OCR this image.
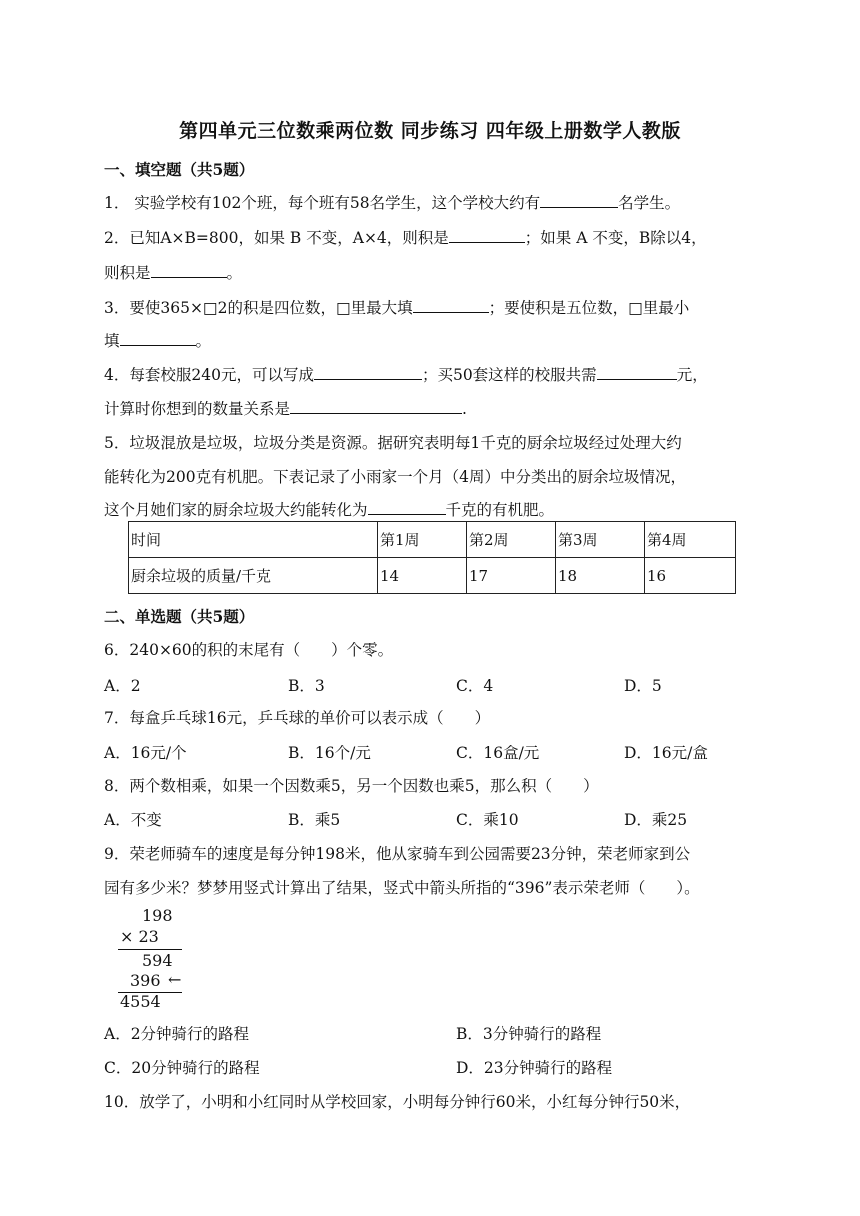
第四单元三位数乘两位数 同步练习 四年级上册数学人教版
一、填空题（共5题）
1． 实验学校有102个班，每个班有58名学生，这个学校大约有	名学生。
2．已知A×B=800，如果 B 不变，A×4，则积是	；如果 A 不变，B除以4，
则积是	。
3．要使365×□2的积是四位数，□里最大填	；要使积是五位数，□里最小
填	。
4．每套校服240元，可以写成	；买50套这样的校服共需	元，
计算时你想到的数量关系是	.
5．垃圾混放是垃圾，垃圾分类是资源。据研究表明每1千克的厨余垃圾经过处理大约
能转化为200克有机肥。下表记录了小雨家一个月（4周）中分类出的厨余垃圾情况，
这个月她们家的厨余垃圾大约能转化为	千克的有机肥。
时间	第1周	第2周	第3周	第4周
厨余垃圾的质量/千克	14	17	18	16
二、单选题（共5题）
6．240×60的积的末尾有（　　）个零。
A．2	B．3	C．4	D．5
7．每盒乒乓球16元，乒乓球的单价可以表示成（　　）
A．16元/个	B．16个/元	C．16盒/元	D．16元/盒
8．两个数相乘，如果一个因数乘5，另一个因数也乘5，那么积（　　）
A．不变	B．乘5	C．乘10	D．乘25
9．荣老师骑车的速度是每分钟198米，他从家骑车到公园需要23分钟，荣老师家到公
园有多少米？梦梦用竖式计算出了结果，竖式中箭头所指的“396”表示荣老师（　　）。
198
× 23
594
396 ←
4554
A．2分钟骑行的路程	B．3分钟骑行的路程
C．20分钟骑行的路程	D．23分钟骑行的路程
10．放学了，小明和小红同时从学校回家，小明每分钟行60米，小红每分钟行50米，
